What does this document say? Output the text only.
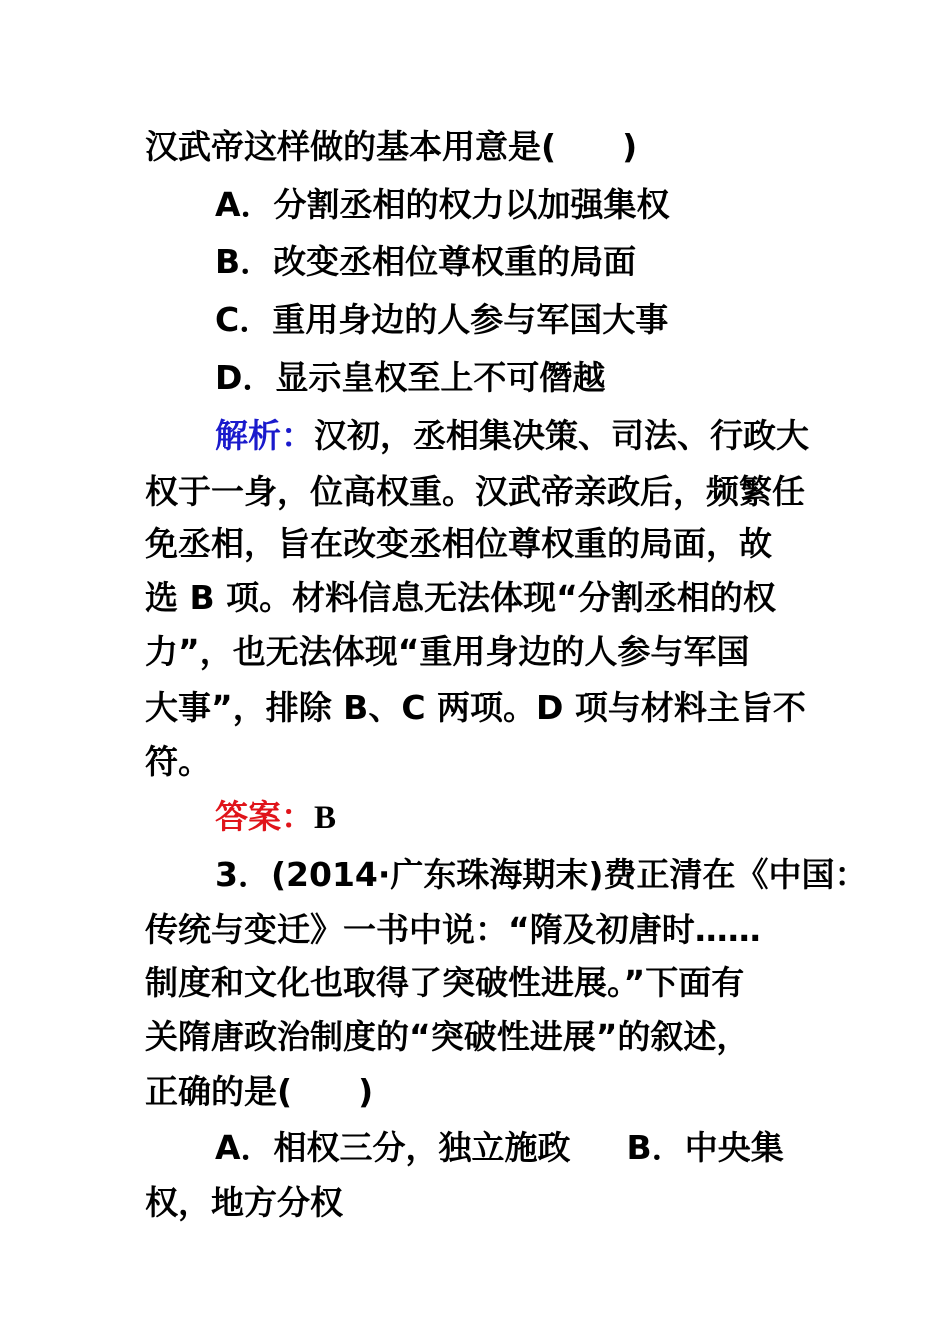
汉武帝这样做的基本用意是(　　)
A．分割丞相的权力以加强集权
B．改变丞相位尊权重的局面
C．重用身边的人参与军国大事
D．显示皇权至上不可僭越
解析：汉初，丞相集决策、司法、行政大
权于一身，位高权重。汉武帝亲政后，频繁任
免丞相，旨在改变丞相位尊权重的局面，故
选 B 项。材料信息无法体现“分割丞相的权
力”，也无法体现“重用身边的人参与军国
大事”，排除 B、C 两项。D 项与材料主旨不
符。
答案：B
3．(2014·广东珠海期末)费正清在《中国：
传统与变迁》一书中说：“隋及初唐时……
制度和文化也取得了突破性进展。”下面有
关隋唐政治制度的“突破性进展”的叙述，
正确的是(　　)
A．相权三分，独立施政 B．中央集
权，地方分权
